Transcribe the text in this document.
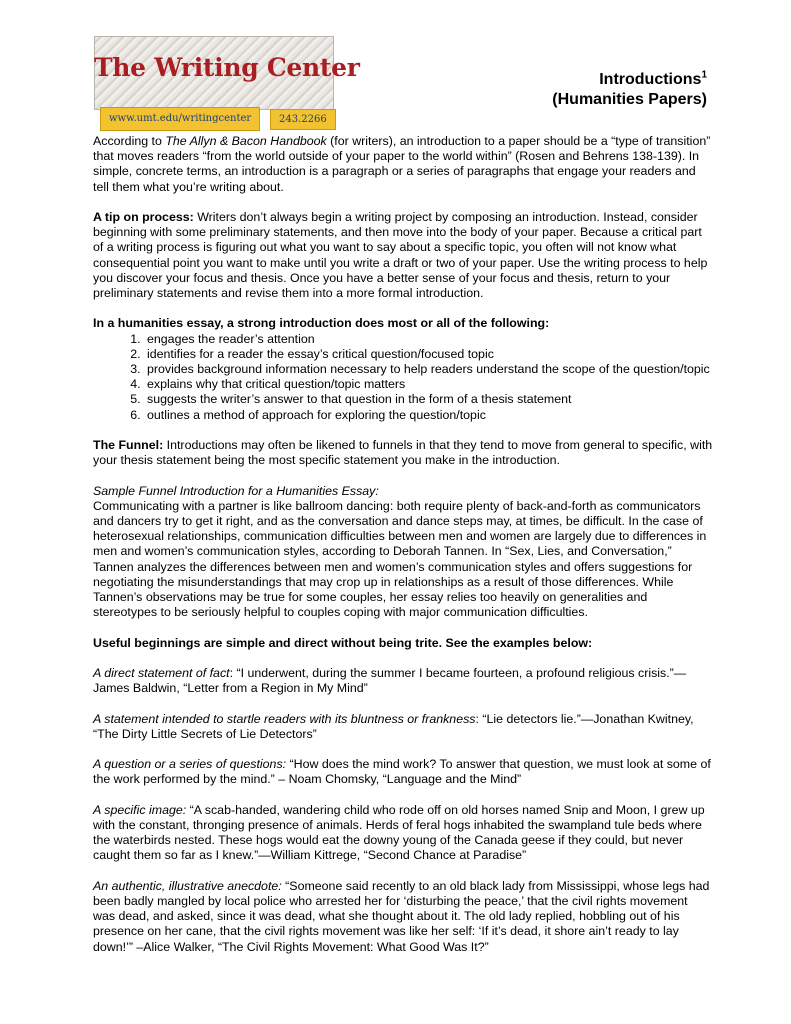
The Writing Center
www.umt.edu/writingcenter	243.2266
Introductions$^1$
(Humanities Papers)

According to The Allyn & Bacon Handbook (for writers), an introduction to a paper should be a “type of transition” that moves readers “from the world outside of your paper to the world within” (Rosen and Behrens 138-139). In simple, concrete terms, an introduction is a paragraph or a series of paragraphs that engage your readers and tell them what you’re writing about.

A tip on process: Writers don’t always begin a writing project by composing an introduction. Instead, consider beginning with some preliminary statements, and then move into the body of your paper. Because a critical part of a writing process is figuring out what you want to say about a specific topic, you often will not know what consequential point you want to make until you write a draft or two of your paper. Use the writing process to help you discover your focus and thesis. Once you have a better sense of your focus and thesis, return to your preliminary statements and revise them into a more formal introduction.

In a humanities essay, a strong introduction does most or all of the following:

1. engages the reader’s attention
2. identifies for a reader the essay’s critical question/focused topic
3. provides background information necessary to help readers understand the scope of the question/topic
4. explains why that critical question/topic matters
5. suggests the writer’s answer to that question in the form of a thesis statement
6. outlines a method of approach for exploring the question/topic

The Funnel: Introductions may often be likened to funnels in that they tend to move from general to specific, with your thesis statement being the most specific statement you make in the introduction.

Sample Funnel Introduction for a Humanities Essay:

Communicating with a partner is like ballroom dancing: both require plenty of back-and-forth as communicators and dancers try to get it right, and as the conversation and dance steps may, at times, be difficult. In the case of heterosexual relationships, communication difficulties between men and women are largely due to differences in men and women’s communication styles, according to Deborah Tannen. In “Sex, Lies, and Conversation,” Tannen analyzes the differences between men and women’s communication styles and offers suggestions for negotiating the misunderstandings that may crop up in relationships as a result of those differences. While Tannen’s observations may be true for some couples, her essay relies too heavily on generalities and stereotypes to be seriously helpful to couples coping with major communication difficulties.

Useful beginnings are simple and direct without being trite. See the examples below:

A direct statement of fact: “I underwent, during the summer I became fourteen, a profound religious crisis.”—James Baldwin, “Letter from a Region in My Mind”

A statement intended to startle readers with its bluntness or frankness: “Lie detectors lie.”—Jonathan Kwitney, “The Dirty Little Secrets of Lie Detectors”

A question or a series of questions: “How does the mind work? To answer that question, we must look at some of the work performed by the mind.” – Noam Chomsky, “Language and the Mind”

A specific image: “A scab-handed, wandering child who rode off on old horses named Snip and Moon, I grew up with the constant, thronging presence of animals. Herds of feral hogs inhabited the swampland tule beds where the waterbirds nested. These hogs would eat the downy young of the Canada geese if they could, but never caught them so far as I knew.”—William Kittrege, “Second Chance at Paradise”

An authentic, illustrative anecdote: “Someone said recently to an old black lady from Mississippi, whose legs had been badly mangled by local police who arrested her for ‘disturbing the peace,’ that the civil rights movement was dead, and asked, since it was dead, what she thought about it. The old lady replied, hobbling out of his presence on her cane, that the civil rights movement was like her self: ‘If it’s dead, it shore ain’t ready to lay down!’” –Alice Walker, “The Civil Rights Movement: What Good Was It?”
